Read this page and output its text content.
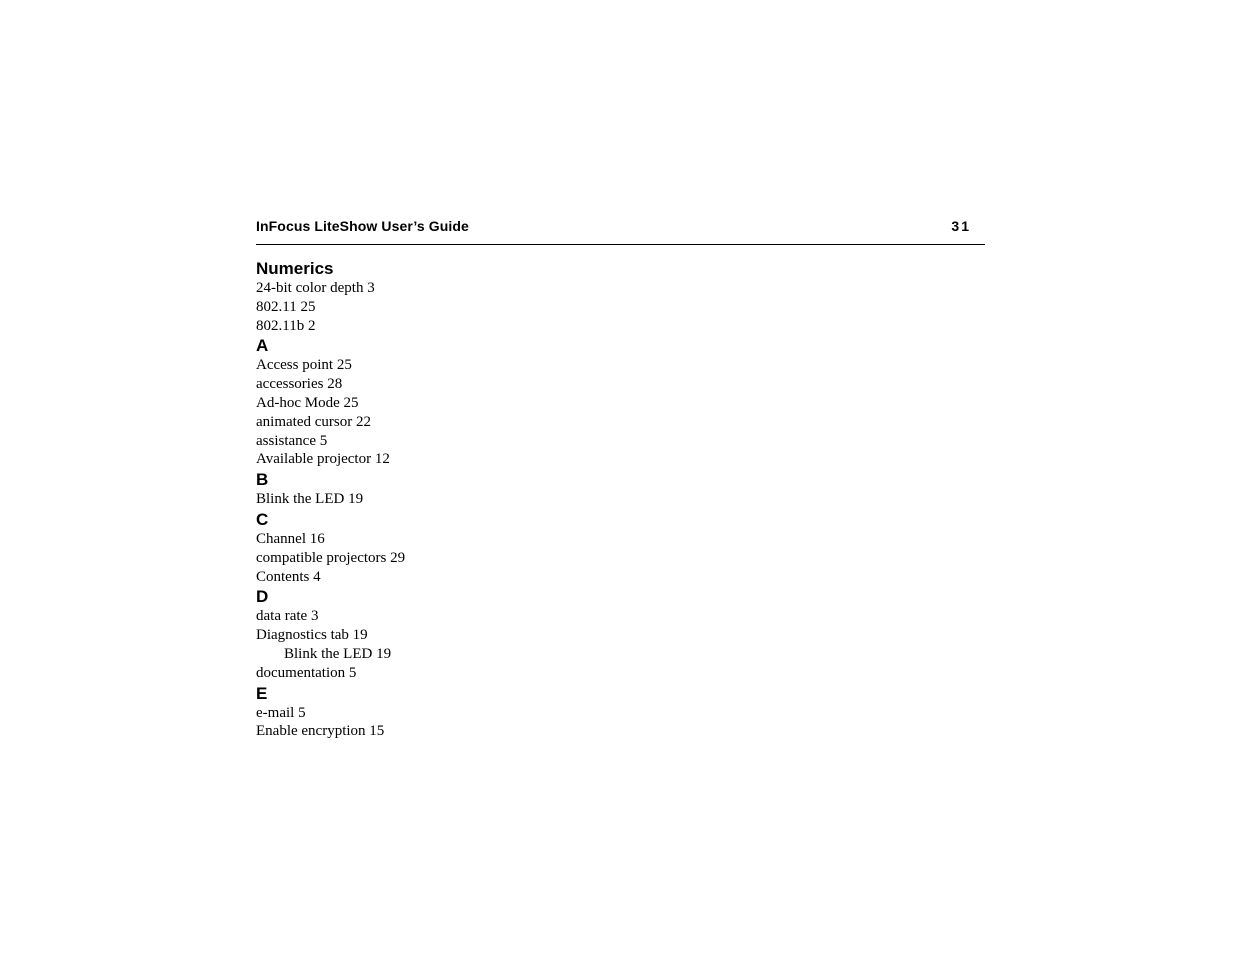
InFocus LiteShow User’s Guide	31
Numerics
24-bit color depth 3
802.11 25
802.11b 2
A
Access point 25
accessories 28
Ad-hoc Mode 25
animated cursor 22
assistance 5
Available projector 12
B
Blink the LED 19
C
Channel 16
compatible projectors 29
Contents 4
D
data rate 3
Diagnostics tab 19
Blink the LED 19
documentation 5
E
e-mail 5
Enable encryption 15
